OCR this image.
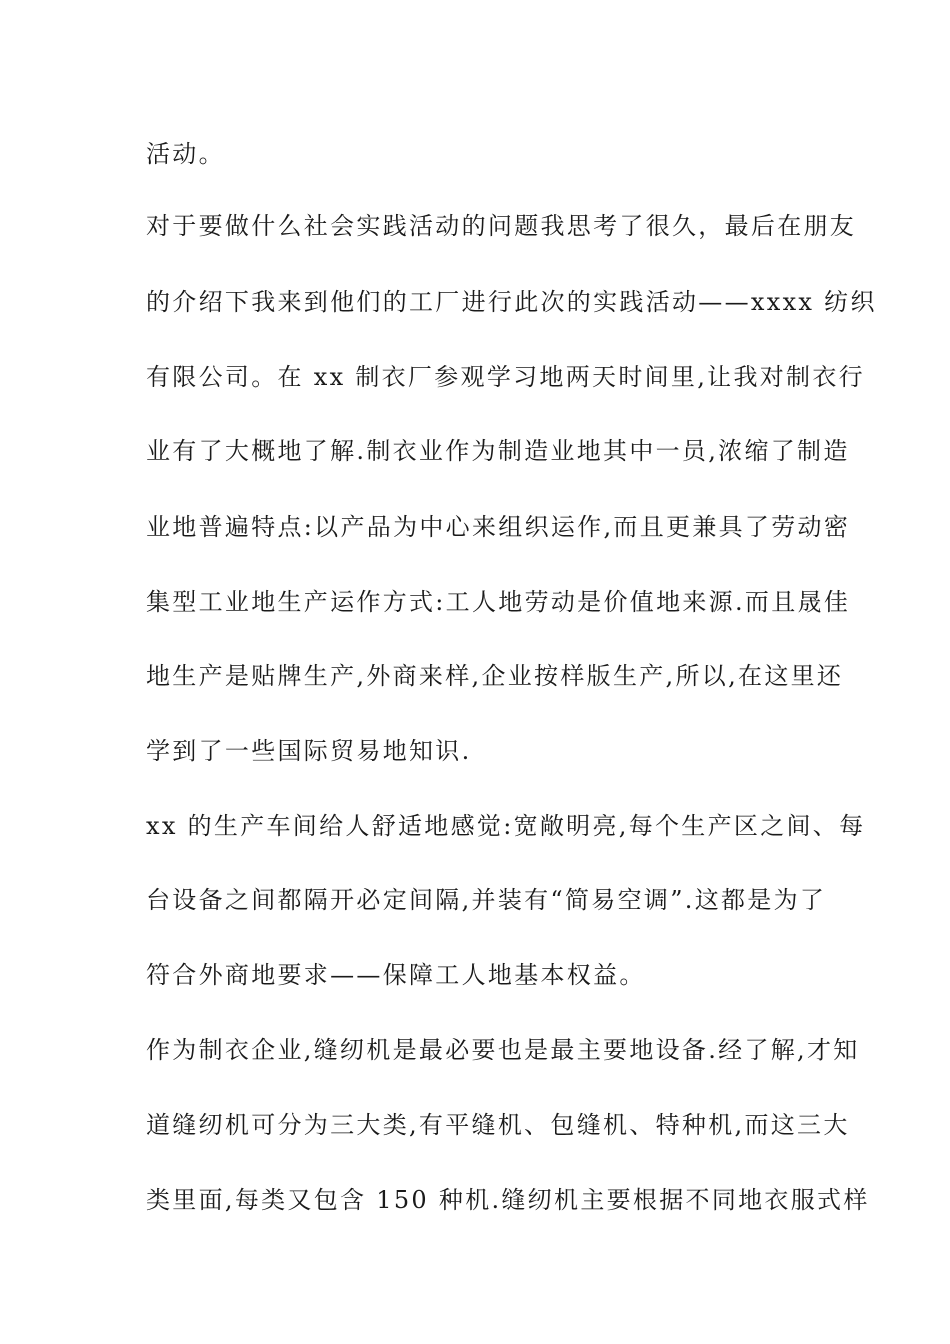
活动。
对于要做什么社会实践活动的问题我思考了很久，最后在朋友
的介绍下我来到他们的工厂进行此次的实践活动——xxxx 纺织
有限公司。在 xx 制衣厂参观学习地两天时间里,让我对制衣行
业有了大概地了解.制衣业作为制造业地其中一员,浓缩了制造
业地普遍特点:以产品为中心来组织运作,而且更兼具了劳动密
集型工业地生产运作方式:工人地劳动是价值地来源.而且晟佳
地生产是贴牌生产,外商来样,企业按样版生产,所以,在这里还
学到了一些国际贸易地知识.
xx 的生产车间给人舒适地感觉:宽敞明亮,每个生产区之间、每
台设备之间都隔开必定间隔,并装有“简易空调”.这都是为了
符合外商地要求——保障工人地基本权益。
作为制衣企业,缝纫机是最必要也是最主要地设备.经了解,才知
道缝纫机可分为三大类,有平缝机、包缝机、特种机,而这三大
类里面,每类又包含 150 种机.缝纫机主要根据不同地衣服式样
